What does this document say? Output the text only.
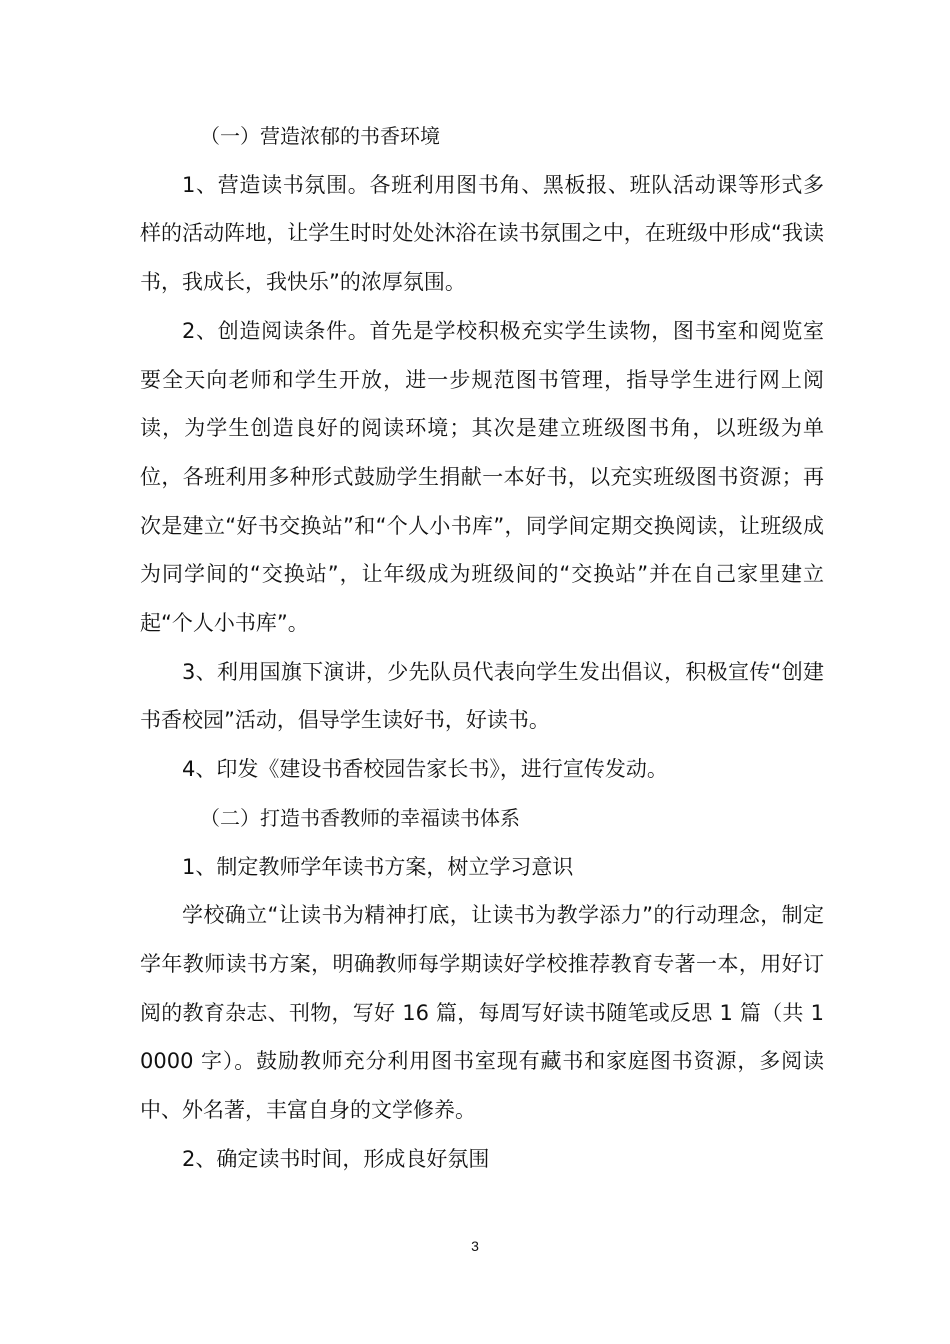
（一）营造浓郁的书香环境

1、营造读书氛围。各班利用图书角、黑板报、班队活动课等形式多样的活动阵地，让学生时时处处沐浴在读书氛围之中，在班级中形成“我读书，我成长，我快乐”的浓厚氛围。

2、创造阅读条件。首先是学校积极充实学生读物，图书室和阅览室要全天向老师和学生开放，进一步规范图书管理，指导学生进行网上阅读，为学生创造良好的阅读环境；其次是建立班级图书角，以班级为单位，各班利用多种形式鼓励学生捐献一本好书，以充实班级图书资源；再次是建立“好书交换站”和“个人小书库”，同学间定期交换阅读，让班级成为同学间的“交换站”，让年级成为班级间的“交换站”并在自己家里建立起“个人小书库”。

3、利用国旗下演讲，少先队员代表向学生发出倡议，积极宣传“创建书香校园”活动，倡导学生读好书，好读书。

4、印发《建设书香校园告家长书》，进行宣传发动。

（二）打造书香教师的幸福读书体系

1、制定教师学年读书方案，树立学习意识

学校确立“让读书为精神打底，让读书为教学添力”的行动理念，制定学年教师读书方案，明确教师每学期读好学校推荐教育专著一本，用好订阅的教育杂志、刊物，写好 16 篇，每周写好读书随笔或反思 1 篇（共 10000 字）。鼓励教师充分利用图书室现有藏书和家庭图书资源，多阅读中、外名著，丰富自身的文学修养。

2、确定读书时间，形成良好氛围

3
